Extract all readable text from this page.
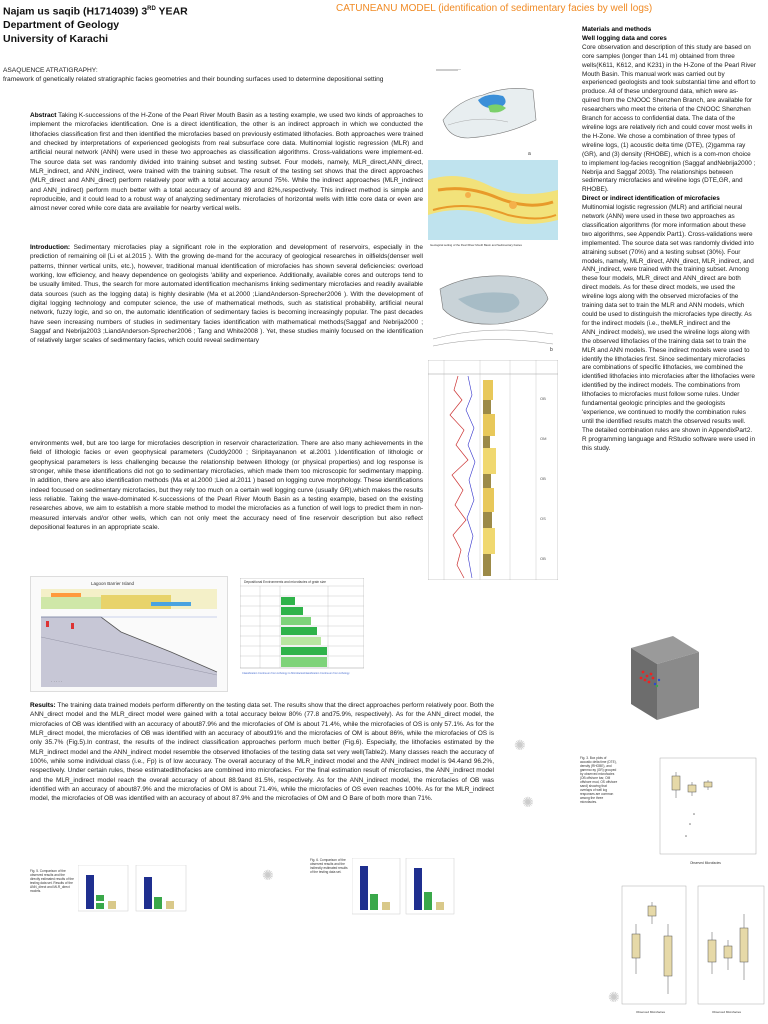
Najam us saqib (H1714039) 3RD YEAR
Department of Geology
University of Karachi
CATUNEANU MODEL (identification of sedimentary facies by well logs)
ASAQUENCE ATRATIGRAPHY:
framework of genetically related stratigraphic facies geometries and their bounding surfaces used to determine depositional setting
Abstract Taking K-successions of the H-Zone of the Pearl River Mouth Basin as a testing example, we used two kinds of approaches to implement the microfacies identification. One is a direct identification, the other is an indirect approach in which we conducted the lithofacies classification first and then identified the microfacies based on previously estimated lithofacies. Both approaches were trained and checked by interpretations of experienced geologists from real subsurface core data. Multinomial logistic regression (MLR) and artificial neural network (ANN) were used in these two approaches as classification algorithms. Cross-validations were implement-ed. The source data set was randomly divided into training subset and testing subset. Four models, namely, MLR_direct,ANN_direct, MLR_indirect, and ANN_indirect, were trained with the training subset. The result of the testing set shows that the direct approaches (MLR_direct and ANN_direct) perform relatively poor with a total accuracy around 75%. While the indirect approaches (MLR_indirect and ANN_indirect) perform much better with a total accuracy of around 89 and 82%,respectively. This indirect method is simple and reproducible, and it could lead to a robust way of analyzing sedimentary microfacies of horizontal wells with little core data or even are almost never cored while core data are available for nearby vertical wells.
Introduction: Sedimentary microfacies play a significant role in the exploration and development of reservoirs, especially in the prediction of remaining oil [Li et al.2015 ). With the growing de-mand for the accuracy of geological researches in oilfields(denser well patterns, thinner vertical units, etc.), however, traditional manual identification of microfacies has shown several deficiencies: overload working, low efficiency, and heavy dependence on geologists 'ability and experience. Additionally, available cores and outcrops tend to be usually limited. Thus, the search for more automated identification mechanisms linking sedimentary microfacies and readily available data sources (such as the logging data) is highly desirable (Ma et al.2000 ;LiandAnderson-Sprecher2006 ). With the development of digital logging technology and computer science, the use of mathematical methods, such as statistical probability, artificial neural network, fuzzy logic, and so on, the automatic identification of sedimentary facies is becoming increasingly popular. The past decades have seen increasing numbers of studies in sedimentary facies identification with mathematical methods(Saggaf and Nebrija2000 ; Saggaf and Nebrija2003 ;LiandAnderson-Sprecher2006 ; Tang and White2008 ). Yet, these studies mainly focused on the identification of relatively larger scales of sedimentary facies, which could reveal sedimentary
environments well, but are too large for microfacies description in reservoir characterization. There are also many achievements in the field of lithologic facies or even geophysical parameters (Cuddy2000 ; Siripitayananon et al.2001 ).Identification of lithologic or geophysical parameters is less challenging because the relationship between lithology (or physical properties) and log response is stronger, while these identifications did not go to sedimentary microfacies, which made them too microscopic for sedimentary mapping. In addition, there are also identification methods (Ma et al.2000 ;Lied al.2011 ) based on logging curve morphology. These identifications indeed focused on sedimentary microfacies, but they rely too much on a certain well logging curve (usually GR),which makes the results less reliable. Taking the wave-dominated K-successions of the Pearl River Mouth Basin as a testing example, based on the existing researches above, we aim to establish a more stable method to model the microfacies as a function of well logs to predict them in non-measured intervals and/or other wells, which can not only meet the accuracy need of fine reservoir description but also reflect depositional features in an appropriate scale.
Lagoon Barrier Island
· · · · ·
Depositional Environments and microfacies of grain size
Classification Continuum from Lithology to Microfacies Classification Continuum from Lithology
—
a
Geological setting of the Pearl River Mouth Basin and Sedimentary Facies
b
OB
OM
OB
OS
OB
Materials and methods
Well logging data and cores
Core observation and description of this study are based on core samples (longer than 141 m) obtained from three wells(K611, K612, and K231) in the H-Zone of the Pearl River Mouth Basin. This manual work was carried out by experienced geologists and took substantial time and effort to produce. All of these underground data, which were as-quired from the CNOOC Shenzhen Branch, are available for researchers who meet the criteria of the CNOOC Shenzhen Branch for access to confidential data. The data of the wireline logs are relatively rich and could cover most wells in the H-Zone. We chose a combination of three types of wireline logs, (1) acoustic delta time (DTE), (2)gamma ray (GR), and (3) density (RHOBE), which is a com-mon choice to implement log-facies recognition (Saggaf andNebrija2000 ; Nebrija and Saggaf 2003). The relationships between sedimentary microfacies and wireline logs (DTE,GR, and RHOBE).
Direct or indirect identification of microfacies
Multinomial logistic regression (MLR) and artificial neural network (ANN) were used in these two approaches as classification algorithms (for more information about these two algorithms, see Appendix Part1). Cross-validations were implemented. The source data set was randomly divided into atraining subset (70%) and a testing subset (30%). Four models, namely, MLR_direct, ANN_direct, MLR_indirect, and ANN_indirect, were trained with the training subset. Among these four models, MLR_direct and ANN_direct are both direct models. As for these direct models, we used the wireline logs along with the observed microfacies of the training data set to train the MLR and ANN models, which could be used to distinguish the microfacies type directly. As for the indirect models (i.e., theMLR_indirect and the ANN_indirect models), we used the wireline logs along with the observed lithofacies of the training data set to train the MLR and ANN models. These indirect models were used to identify the lithofacies first. Since sedimentary microfacies are combinations of specific lithofacies, we combined the identified lithofacies into microfacies after the lithofacies were identified by the indirect models. The combinations from lithofacies to microfacies must follow some rules. Under fundamental geologic principles and the geologists 'experience, we continued to modify the combination rules until the identified results match the observed results well. The detailed combination rules are shown in AppendixPart2. R programming language and RStudio software were used in this study.
Results: The training data trained models perform differently on the testing data set. The results show that the direct approaches perform relatively poor. Both the ANN_direct model and the MLR_direct model were gained with a total accuracy below 80% (77.8 and75.9%, respectively). As for the ANN_direct model, the microfacies of OB was identified with an accuracy of about87.9% and the microfacies of OM is about 71.4%, while the microfacies of OS is only 57.1%. As for the MLR_direct model, the microfacies of OB was identified with an accuracy of about91% and the microfacies of OM is about 86%, while the microfacies of OS is only 35.7% (Fig.5).In contrast, the results of the indirect classification approaches perform much better (Fig.6). Especially, the lithofacies estimated by the MLR_indirect model and the ANN_indirect model resemble the observed lithofacies of the testing data set very well(Table2). Many classes reach the accuracy of 100%, while some individual class (i.e., Fp) is of low accuracy. The overall accuracy of the MLR_indirect model and the ANN_indirect model is 94.4and 96.2%, respectively. Under certain rules, these estimatedlithofacies are combined into microfacies. For the final estimation result of microfacies, the ANN_indirect model and the MLR_indirect model reach the overall accuracy of about 88.9and 81.5%, respectively. As for the ANN_indirect model, the microfacies of OB was identified with an accuracy of about87.9% and the microfacies of OM is about 71.4%, while the microfacies of OS even reaches 100%. As for the MLR_indirect model, the microfacies of OB was identified with an accuracy of about 87.9% and the microfacies of OM and O Bare of both more than 71%.
Fig. 5. Comparison of the observed results and the directly estimated results of the testing data set. Results of the ANN_direct and MLR_direct models.
Fig. 6. Comparison of the observed results and the indirectly estimated results of the testing data set.
Fig. 3. Box plots of acoustic delta time (DTE), density (RHOBE), and gamma ray (GR) grouped by observed microfacies (OB offshore bar, OM offshore mud, OS offshore sand) showing that overlaps of well log responses are common among the three microfacies.
Observed Microfacies
Observed Microfacies	Observed Microfacies
✺
✺
✺
✺
